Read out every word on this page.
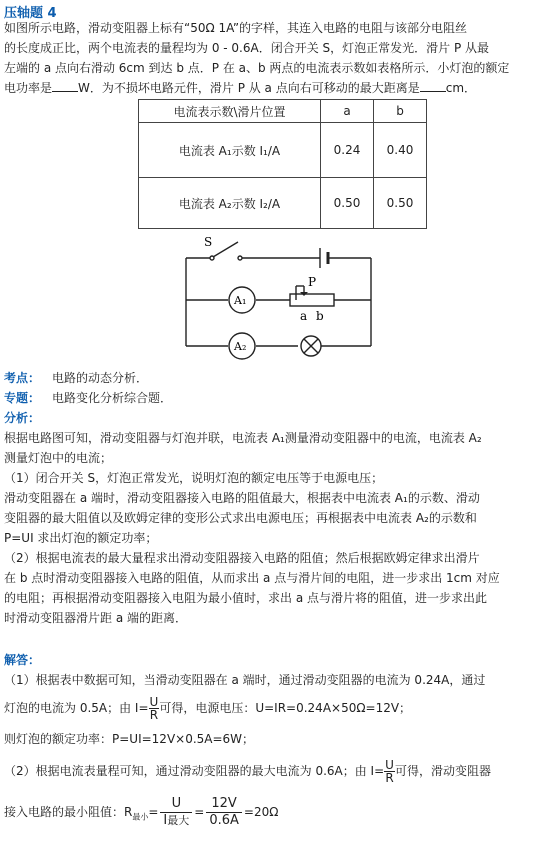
压轴题 4
如图所示电路，滑动变阻器上标有“50Ω 1A”的字样，其连入电路的电阻与该部分电阻丝
的长度成正比，两个电流表的量程均为 0 - 0.6A．闭合开关 S，灯泡正常发光．滑片 P 从最
左端的 a 点向右滑动 6cm 到达 b 点．P 在 a、b 两点的电流表示数如表格所示．小灯泡的额定
电功率是 W．为不损坏电路元件，滑片 P 从 a 点向右可移动的最大距离是 cm．
电流表示数\滑片位置	a	b
电流表 A₁示数 I₁/A	0.24	0.40
电流表 A₂示数 I₂/A	0.50	0.50
S
A₁
A₂
P
a b
考点： 电路的动态分析．
专题： 电路变化分析综合题．
分析：
根据电路图可知，滑动变阻器与灯泡并联，电流表 A₁测量滑动变阻器中的电流，电流表 A₂
测量灯泡中的电流；
（1）闭合开关 S，灯泡正常发光，说明灯泡的额定电压等于电源电压；
滑动变阻器在 a 端时，滑动变阻器接入电路的阻值最大，根据表中电流表 A₁的示数、滑动
变阻器的最大阻值以及欧姆定律的变形公式求出电源电压；再根据表中电流表 A₂的示数和
P=UI 求出灯泡的额定功率；
（2）根据电流表的最大量程求出滑动变阻器接入电路的阻值；然后根据欧姆定律求出滑片
在 b 点时滑动变阻器接入电路的阻值，从而求出 a 点与滑片间的电阻，进一步求出 1cm 对应
的电阻；再根据滑动变阻器接入电阻为最小值时，求出 a 点与滑片将的阻值，进一步求出此
时滑动变阻器滑片距 a 端的距离．
解答：
（1）根据表中数据可知，当滑动变阻器在 a 端时，通过滑动变阻器的电流为 0.24A，通过
灯泡的电流为 0.5A；由 $I= \frac{U}{R}$ 可得，电源电压：U=IR=0.24A×50Ω=12V；
则灯泡的额定功率：P=UI=12V×0.5A=6W；
（2）根据电流表量程可知，通过滑动变阻器的最大电流为 0.6A；由 $I= \frac{U}{R}$ 可得，滑动变阻器
接入电路的最小阻值：$R_{最小}= \frac{U}{\text{I最大}} = \frac{12V}{0.6A} =20\Omega$
